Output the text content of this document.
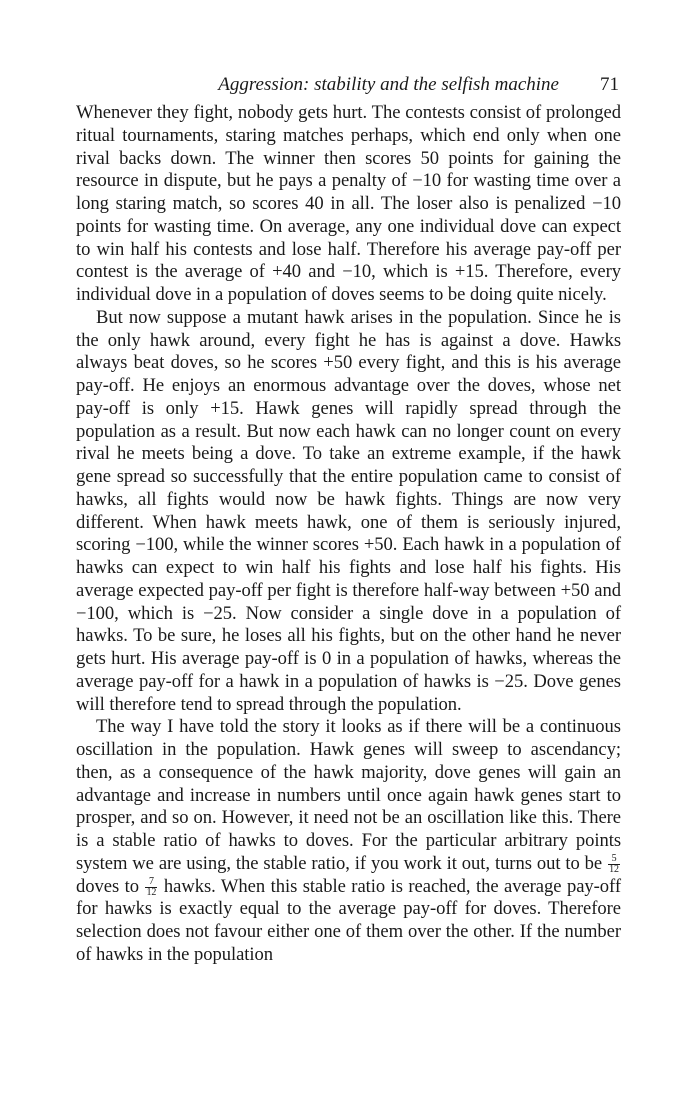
Aggression: stability and the selfish machine 71

Whenever they fight, nobody gets hurt. The contests consist of prolonged ritual tournaments, staring matches perhaps, which end only when one rival backs down. The winner then scores 50 points for gaining the resource in dispute, but he pays a penalty of −10 for wasting time over a long staring match, so scores 40 in all. The loser also is penalized −10 points for wasting time. On average, any one individual dove can expect to win half his contests and lose half. Therefore his average pay-off per contest is the average of +40 and −10, which is +15. Therefore, every individual dove in a population of doves seems to be doing quite nicely.

But now suppose a mutant hawk arises in the population. Since he is the only hawk around, every fight he has is against a dove. Hawks always beat doves, so he scores +50 every fight, and this is his average pay-off. He enjoys an enormous advantage over the doves, whose net pay-off is only +15. Hawk genes will rapidly spread through the population as a result. But now each hawk can no longer count on every rival he meets being a dove. To take an extreme example, if the hawk gene spread so successfully that the entire population came to consist of hawks, all fights would now be hawk fights. Things are now very different. When hawk meets hawk, one of them is seriously injured, scoring −100, while the winner scores +50. Each hawk in a population of hawks can expect to win half his fights and lose half his fights. His average expected pay-off per fight is therefore half-way between +50 and −100, which is −25. Now consider a single dove in a population of hawks. To be sure, he loses all his fights, but on the other hand he never gets hurt. His average pay-off is 0 in a population of hawks, whereas the average pay-off for a hawk in a population of hawks is −25. Dove genes will therefore tend to spread through the population.

The way I have told the story it looks as if there will be a continuous oscillation in the population. Hawk genes will sweep to ascendancy; then, as a consequence of the hawk majority, dove genes will gain an advantage and increase in numbers until once again hawk genes start to prosper, and so on. However, it need not be an oscillation like this. There is a stable ratio of hawks to doves. For the particular arbitrary points system we are using, the stable ratio, if you work it out, turns out to be $\frac{5}{12}$
doves to $\frac{7}{12}$ hawks. When this stable ratio is reached, the average pay-off for hawks is exactly equal to the average pay-off for doves. Therefore selection does not favour either one of them over the other. If the number of hawks in the population
